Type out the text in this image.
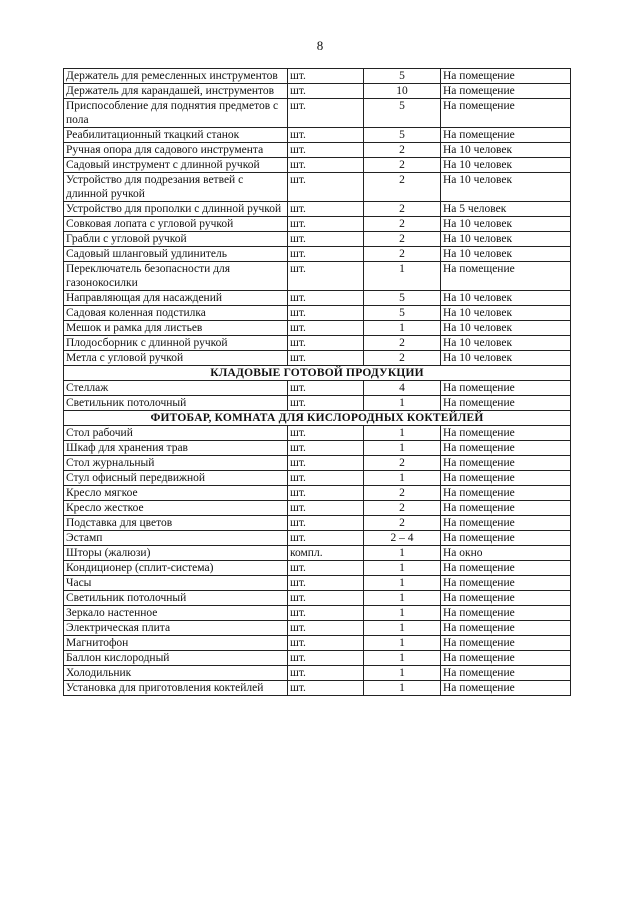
8
Держатель для ремесленных инструментов	шт.	5	На помещение
Держатель для карандашей, инструментов	шт.	10	На помещение
Приспособление для поднятия предметов с пола	шт.	5	На помещение
Реабилитационный ткацкий станок	шт.	5	На помещение
Ручная опора для садового инструмента	шт.	2	На 10 человек
Садовый инструмент с длинной ручкой	шт.	2	На 10 человек
Устройство для подрезания ветвей с длинной ручкой	шт.	2	На 10 человек
Устройство для прополки с длинной ручкой	шт.	2	На 5 человек
Совковая лопата с угловой ручкой	шт.	2	На 10 человек
Грабли с угловой ручкой	шт.	2	На 10 человек
Садовый шланговый удлинитель	шт.	2	На 10 человек
Переключатель безопасности для газонокосилки	шт.	1	На помещение
Направляющая для насаждений	шт.	5	На 10 человек
Садовая коленная подстилка	шт.	5	На 10 человек
Мешок и рамка для листьев	шт.	1	На 10 человек
Плодосборник с длинной ручкой	шт.	2	На 10 человек
Метла с угловой ручкой	шт.	2	На 10 человек
КЛАДОВЫЕ ГОТОВОЙ ПРОДУКЦИИ			
Стеллаж	шт.	4	На помещение
Светильник потолочный	шт.	1	На помещение
ФИТОБАР, КОМНАТА ДЛЯ КИСЛОРОДНЫХ КОКТЕЙЛЕЙ			
Стол рабочий	шт.	1	На помещение
Шкаф для хранения трав	шт.	1	На помещение
Стол журнальный	шт.	2	На помещение
Стул офисный передвижной	шт.	1	На помещение
Кресло мягкое	шт.	2	На помещение
Кресло жесткое	шт.	2	На помещение
Подставка для цветов	шт.	2	На помещение
Эстамп	шт.	2 – 4	На помещение
Шторы (жалюзи)	компл.	1	На окно
Кондиционер (сплит-система)	шт.	1	На помещение
Часы	шт.	1	На помещение
Светильник потолочный	шт.	1	На помещение
Зеркало настенное	шт.	1	На помещение
Электрическая плита	шт.	1	На помещение
Магнитофон	шт.	1	На помещение
Баллон кислородный	шт.	1	На помещение
Холодильник	шт.	1	На помещение
Установка для приготовления коктейлей	шт.	1	На помещение
